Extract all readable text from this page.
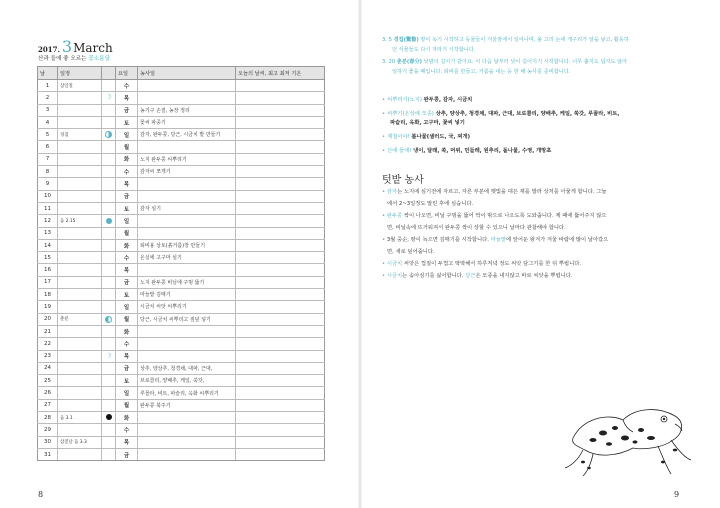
2017. 3March
산과 들에 좋 오르는 꽃소름달
날	일정		요일	농사일	오늘의 날씨, 최고 최저 기온
1	삼일절		수		
2		☽	목		
3			금	농기구 손질, 농장 정리	
4			토	꽃씨 파종기	
5	경칩		일	감자, 완두콩, 당근, 시금치 밭 만들기	
6			월		
7			화	노지 완두콩 씨뿌리기	
8			수	감자씨 쪼개기	
9			목		
10			금		
11			토	감자 심기	
12	음 2.15		일		
13			월		
14			화	퇴비용 상토(흙거름)장 만들기	
15			수	온실에 고구마 심기	
16			목		
17			금	노지 완두콩 비닐에 구멍 뚫기	
18			토	마늘밭 김매기	
19			일	시금치 씨앗 씨뿌리기	
20	춘분		월	당근, 시금치 씨뿌리고 짚덮 넣기	
21			화		
22			수		
23		☽	목		
24			금	상추, 양상추, 청경채, 대파, 근대,	
25			토	브로콜리, 양배추, 케일, 쑥갓,	
26			일	루꼴라, 비트, 파슬리, 옥화 씨뿌리기	
27			월	완두콩 북주기	
28	음 3.1		화		
29			수		
30	삼짇날 음 3.3		목		
31			금		
8
3. 5 경칩(驚蟄) 땅이 녹기 시작하고 동물들이 겨울잠에서 일어나며, 올 고리 논에 개구리가 알을 낳고, 활동하
던 식물들도 다시 자라기 시작합니다.
3. 20 춘분(春分) 낮밤의 길이가 같아요. 이 다음 날부터 낮이 길어지기 시작합니다. 너무 춥지도 덥지도 않아
일하기 좋을 때입니다. 퇴비를 만들고, 거름을 내는 등 한 해 농사를 준비합니다.
• 씨뿌리기(노지) 완두콩, 감자, 시금치
• 씨뿌기(온상에 모종) 상추, 양상추, 청경채, 대파, 근대, 브로콜리, 양배추, 케일, 쑥갓, 루꼴라, 비트,
파슬리, 옥화, 고구마, 꽃씨 넣기
• 제철이야! 봄나물(샐러드, 국, 찌개)
• 산에 들에! 냉이, 달래, 쑥, 머위, 민들레, 원추리, 돌나물, 수영, 개망초
텃밭 농사
• 감자는 노지에 심기전에 자르고, 자른 부분에 햇빛을 대든 재를 발라 상처를 아물게 합니다. 그늘
에서 2~3일정도 말린 후에 심습니다.
• 완두콩 싹이 나오면, 비닐 구멍을 뚫어 싹이 밖으로 나오도록 도와줍니다. 제 때에 뚫어주지 않으
면, 비닐속에 뜨거워져서 완두콩 싹이 상할 수 있으니 날마다 관찰해야 합니다.
• 3월 중순, 땅이 녹으면 김매기를 시작합니다. 마늘밭에 앞어둔 왕겨가 겨울 바람에 많이 날아갔으
면, 새로 덮어줍니다.
• 시금치 씨앗은 껍질이 두껍고 딱딱해서 하루저녁 정도 씨앗 담그기를 한 뒤 뿌립니다.
• 시금치는 솎아심기를 싫어합니다. 당근은 모종을 내지않고 바로 씨앗을 뿌립니다.
9
